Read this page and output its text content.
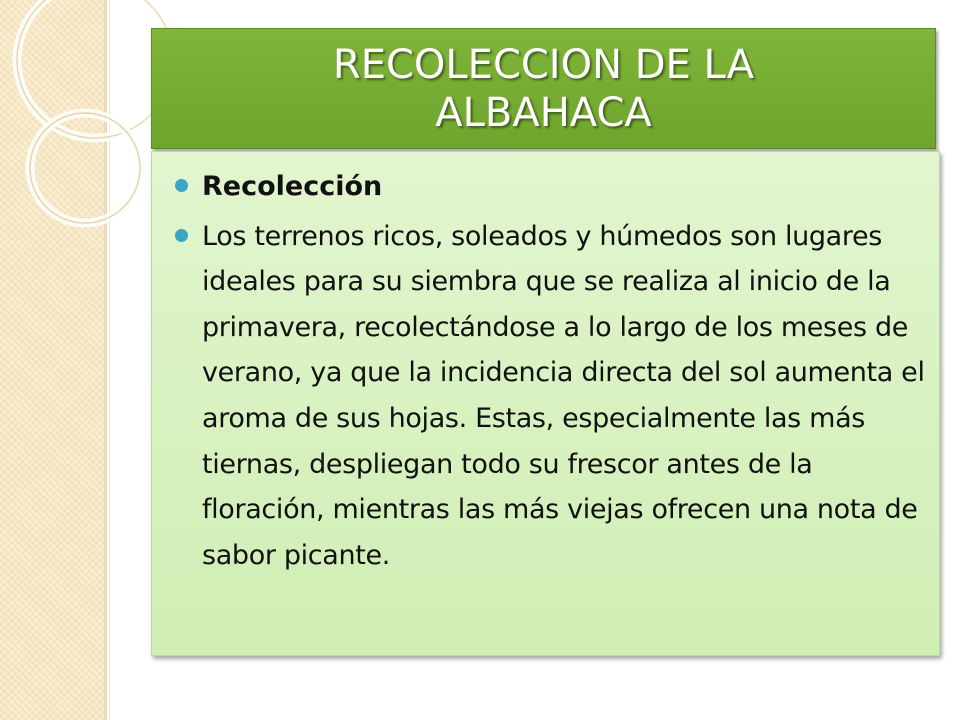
RECOLECCION DE LA ALBAHACA
Recolección
Los terrenos ricos, soleados y húmedos son lugares ideales para su siembra que se realiza al inicio de la primavera, recolectándose a lo largo de los meses de verano, ya que la incidencia directa del sol aumenta el aroma de sus hojas. Estas, especialmente las más tiernas, despliegan todo su frescor antes de la floración, mientras las más viejas ofrecen una nota de sabor picante.
